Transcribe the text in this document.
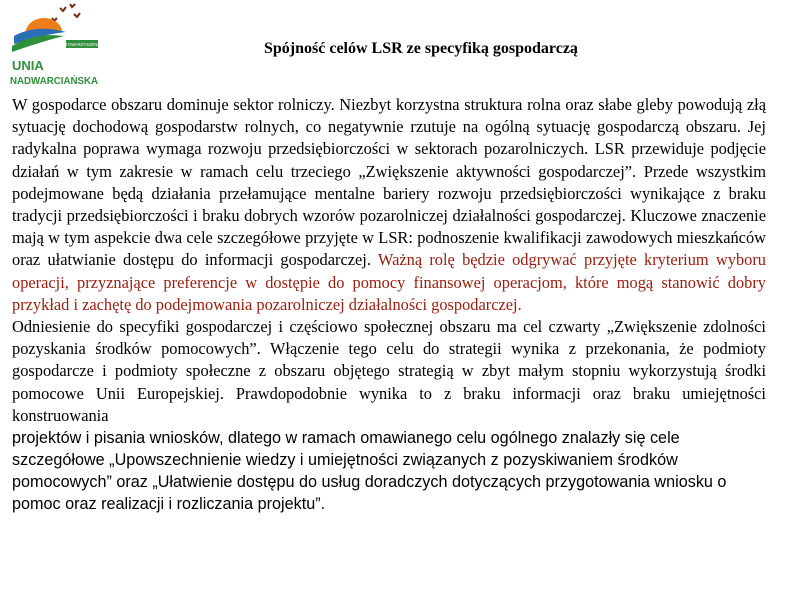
STOWARZYSZENIE
UNIA
NADWARCIAŃSKA
Spójność celów LSR ze specyfiką gospodarczą
W gospodarce obszaru dominuje sektor rolniczy. Niezbyt korzystna struktura rolna oraz słabe gleby powodują złą sytuację dochodową gospodarstw rolnych, co negatywnie rzutuje na ogólną sytuację gospodarczą obszaru. Jej radykalna poprawa wymaga rozwoju przedsiębiorczości w sektorach pozarolniczych. LSR przewiduje podjęcie działań w tym zakresie w ramach celu trzeciego „Zwiększenie aktywności gospodarczej”. Przede wszystkim podejmowane będą działania przełamujące mentalne bariery rozwoju przedsiębiorczości wynikające z braku tradycji przedsiębiorczości i braku dobrych wzorów pozarolniczej działalności gospodarczej. Kluczowe znaczenie mają w tym aspekcie dwa cele szczegółowe przyjęte w LSR: podnoszenie kwalifikacji zawodowych mieszkańców oraz ułatwianie dostępu do informacji gospodarczej. Ważną rolę będzie odgrywać przyjęte kryterium wyboru operacji, przyznające preferencje w dostępie do pomocy finansowej operacjom, które mogą stanowić dobry przykład i zachętę do podejmowania pozarolniczej działalności gospodarczej.
Odniesienie do specyfiki gospodarczej i częściowo społecznej obszaru ma cel czwarty „Zwiększenie zdolności pozyskania środków pomocowych”. Włączenie tego celu do strategii wynika z przekonania, że podmioty gospodarcze i podmioty społeczne z obszaru objętego strategią w zbyt małym stopniu wykorzystują środki pomocowe Unii Europejskiej. Prawdopodobnie wynika to z braku informacji oraz braku umiejętności konstruowania
projektów i pisania wniosków, dlatego w ramach omawianego celu ogólnego znalazły się cele
szczegółowe „Upowszechnienie wiedzy i umiejętności związanych z pozyskiwaniem środków pomocowych” oraz „Ułatwienie dostępu do usług doradczych dotyczących przygotowania wniosku o pomoc oraz realizacji i rozliczania projektu”.
